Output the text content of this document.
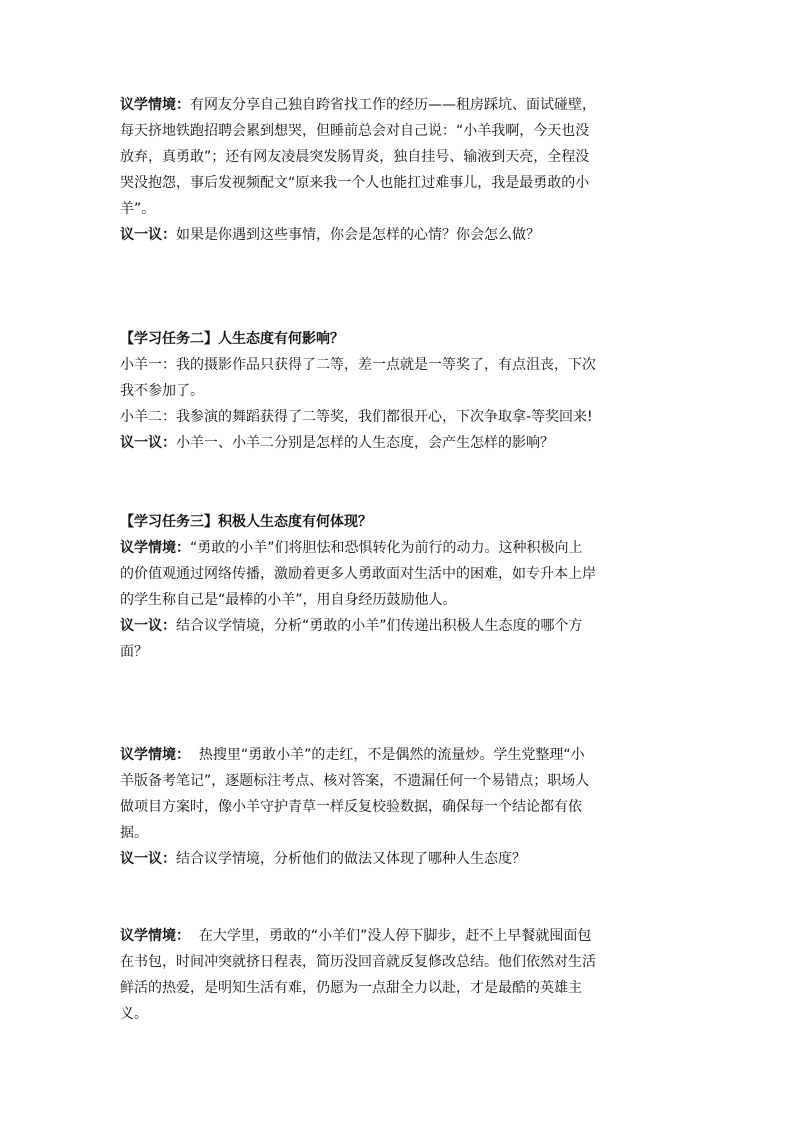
议学情境：有网友分享自己独自跨省找工作的经历——租房踩坑、面试碰壁，
每天挤地铁跑招聘会累到想哭，但睡前总会对自己说：“小羊我啊，今天也没
放弃，真勇敢”；还有网友凌晨突发肠胃炎，独自挂号、输液到天亮，全程没
哭没抱怨，事后发视频配文“原来我一个人也能扛过难事儿，我是最勇敢的小
羊”。
议一议：如果是你遇到这些事情，你会是怎样的心情？你会怎么做？
【学习任务二】人生态度有何影响？
小羊一：我的摄影作品只获得了二等，差一点就是一等奖了，有点沮丧，下次
我不参加了。
小羊二：我参演的舞蹈获得了二等奖，我们都很开心，下次争取拿-等奖回来!
议一议：小羊一、小羊二分别是怎样的人生态度，会产生怎样的影响？
【学习任务三】积极人生态度有何体现？
议学情境：“勇敢的小羊”们将胆怯和恐惧转化为前行的动力。这种积极向上
的价值观通过网络传播，激励着更多人勇敢面对生活中的困难，如专升本上岸
的学生称自己是“最棒的小羊”，用自身经历鼓励他人。
议一议：结合议学情境，分析“勇敢的小羊”们传递出积极人生态度的哪个方
面？
议学情境：  热搜里“勇敢小羊”的走红，不是偶然的流量炒。学生党整理“小
羊版备考笔记”，逐题标注考点、核对答案，不遗漏任何一个易错点；职场人
做项目方案时，像小羊守护青草一样反复校验数据，确保每一个结论都有依
据。
议一议：结合议学情境，分析他们的做法又体现了哪种人生态度？
议学情境：  在大学里，勇敢的“小羊们”没人停下脚步，赶不上早餐就囤面包
在书包，时间冲突就挤日程表，简历没回音就反复修改总结。他们依然对生活
鲜活的热爱，是明知生活有难，仍愿为一点甜全力以赴，才是最酷的英雄主
义。
